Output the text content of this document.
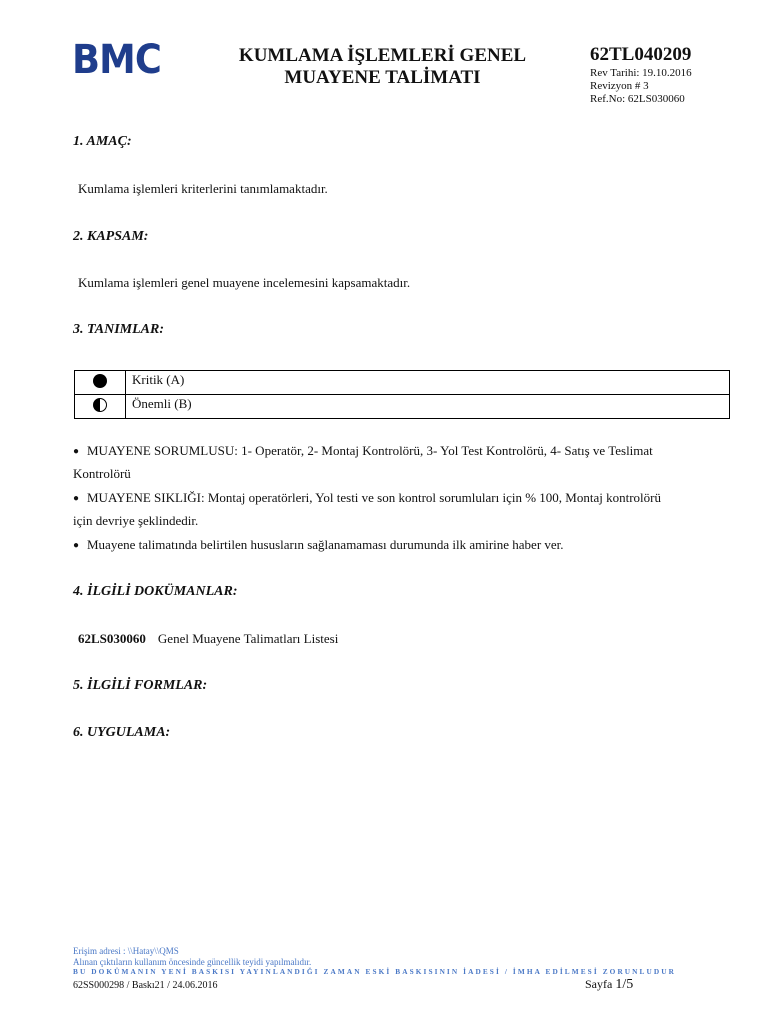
BMC	KUMLAMA İŞLEMLERİ GENEL
MUAYENE TALİMATI
62TL040209
Rev Tarihi: 19.10.2016
Revizyon # 3
Ref.No: 62LS030060
1. AMAÇ:
Kumlama işlemleri kriterlerini tanımlamaktadır.
2. KAPSAM:
Kumlama işlemleri genel muayene incelemesini kapsamaktadır.
3. TANIMLAR:
	Kritik (A)
	Önemli (B)
● MUAYENE SORUMLUSU: 1- Operatör, 2- Montaj Kontrolörü, 3- Yol Test Kontrolörü, 4- Satış ve Teslimat
Kontrolörü
● MUAYENE SIKLIĞI: Montaj operatörleri, Yol testi ve son kontrol sorumluları için % 100, Montaj kontrolörü
için devriye şeklindedir.
● Muayene talimatında belirtilen hususların sağlanamaması durumunda ilk amirine haber ver.
4. İLGİLİ DOKÜMANLAR:
62LS030060 Genel Muayene Talimatları Listesi
5. İLGİLİ FORMLAR:
6. UYGULAMA:
Erişim adresi : \\Hatay\\QMS
Alınan çıktıların kullanım öncesinde güncellik teyidi yapılmalıdır.
BU DOKÜMANIN YENİ BASKISI YAYINLANDIĞI ZAMAN ESKİ BASKISININ İADESİ / İMHA EDİLMESİ ZORUNLUDUR
62SS000298 / Baskı21 / 24.06.2016	Sayfa 1/5
